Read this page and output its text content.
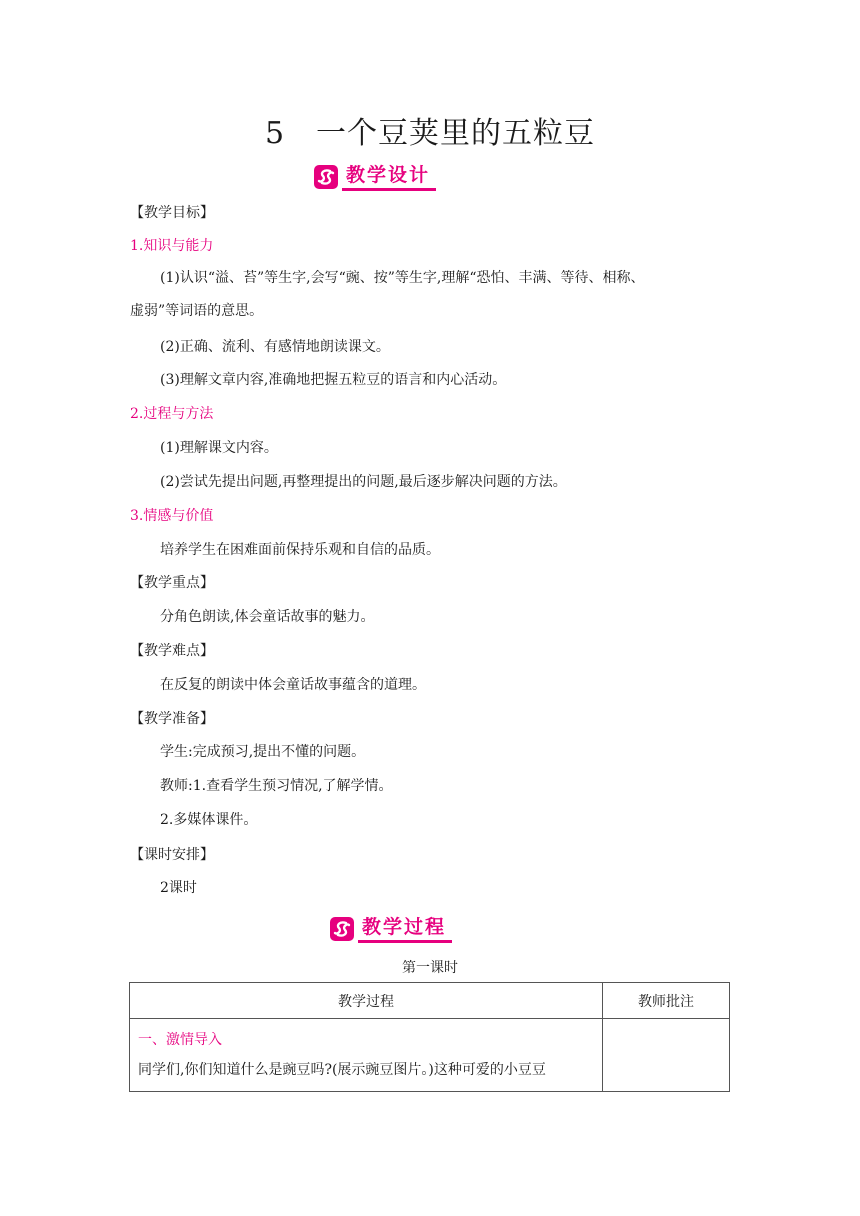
5　一个豆荚里的五粒豆
教学设计
【教学目标】
1.知识与能力
(1)认识“溢、苔”等生字,会写“豌、按”等生字,理解“恐怕、丰满、等待、相称、
虚弱”等词语的意思。
(2)正确、流利、有感情地朗读课文。
(3)理解文章内容,准确地把握五粒豆的语言和内心活动。
2.过程与方法
(1)理解课文内容。
(2)尝试先提出问题,再整理提出的问题,最后逐步解决问题的方法。
3.情感与价值
培养学生在困难面前保持乐观和自信的品质。
【教学重点】
分角色朗读,体会童话故事的魅力。
【教学难点】
在反复的朗读中体会童话故事蕴含的道理。
【教学准备】
学生:完成预习,提出不懂的问题。
教师:1.查看学生预习情况,了解学情。
2.多媒体课件。
【课时安排】
2课时
教学过程
第一课时
教学过程	教师批注

一、激情导入
同学们,你们知道什么是豌豆吗?(展示豌豆图片。)这种可爱的小豆豆	
